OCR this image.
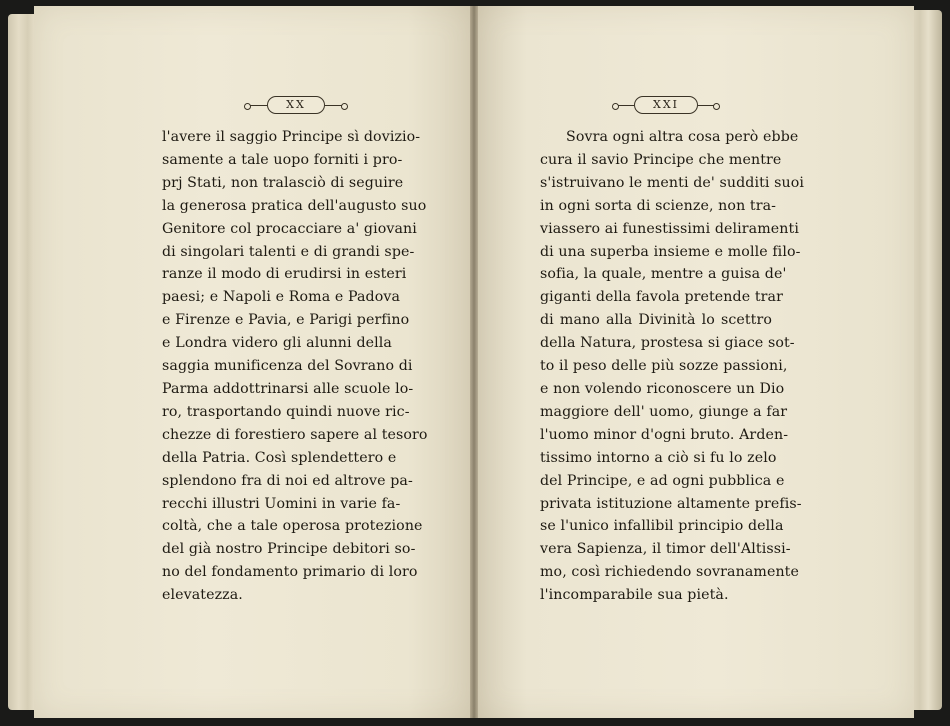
XX	XXI
l'avere il saggio Principe sì dovizio-
samente a tale uopo forniti i pro-
prj Stati, non tralasciò di seguire
la generosa pratica dell'augusto suo
Genitore col procacciare a' giovani
di singolari talenti e di grandi spe-
ranze il modo di erudirsi in esteri
paesi; e Napoli e Roma e Padova
e Firenze e Pavia, e Parigi perfino
e Londra videro gli alunni della
saggia munificenza del Sovrano di
Parma addottrinarsi alle scuole lo-
ro, trasportando quindi nuove ric-
chezze di forestiero sapere al tesoro
della Patria. Così splendettero e
splendono fra di noi ed altrove pa-
recchi illustri Uomini in varie fa-
coltà, che a tale operosa protezione
del già nostro Principe debitori so-
no del fondamento primario di loro
elevatezza.
Sovra ogni altra cosa però ebbe
cura il savio Principe che mentre
s'istruivano le menti de' sudditi suoi
in ogni sorta di scienze, non tra-
viassero ai funestissimi deliramenti
di una superba insieme e molle filo-
sofia, la quale, mentre a guisa de'
giganti della favola pretende trar
di mano alla Divinità lo scettro
della Natura, prostesa si giace sot-
to il peso delle più sozze passioni,
e non volendo riconoscere un Dio
maggiore dell' uomo, giunge a far
l'uomo minor d'ogni bruto. Arden-
tissimo intorno a ciò si fu lo zelo
del Principe, e ad ogni pubblica e
privata istituzione altamente prefis-
se l'unico infallibil principio della
vera Sapienza, il timor dell'Altissi-
mo, così richiedendo sovranamente
l'incomparabile sua pietà.
